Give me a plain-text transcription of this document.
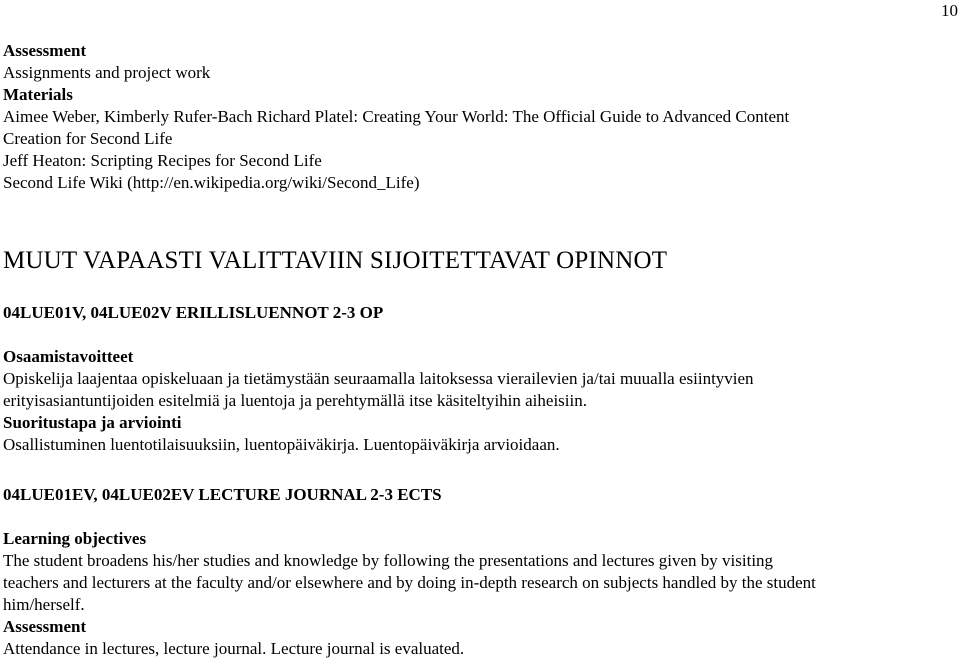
10

Assessment

Assignments and project work

Materials

Aimee Weber, Kimberly Rufer-Bach Richard Platel: Creating Your World: The Official Guide to Advanced Content

Creation for Second Life

Jeff Heaton: Scripting Recipes for Second Life

Second Life Wiki (http://en.wikipedia.org/wiki/Second_Life)

MUUT VAPAASTI VALITTAVIIN SIJOITETTAVAT OPINNOT
04LUE01V, 04LUE02V ERILLISLUENNOT 2-3 OP

Osaamistavoitteet

Opiskelija laajentaa opiskeluaan ja tietämystään seuraamalla laitoksessa vierailevien ja/tai muualla esiintyvien

erityisasiantuntijoiden esitelmiä ja luentoja ja perehtymällä itse käsiteltyihin aiheisiin.

Suoritustapa ja arviointi

Osallistuminen luentotilaisuuksiin, luentopäiväkirja. Luentopäiväkirja arvioidaan.

04LUE01EV, 04LUE02EV LECTURE JOURNAL 2-3 ECTS

Learning objectives

The student broadens his/her studies and knowledge by following the presentations and lectures given by visiting

teachers and lecturers at the faculty and/or elsewhere and by doing in-depth research on subjects handled by the student

him/herself.

Assessment

Attendance in lectures, lecture journal. Lecture journal is evaluated.
